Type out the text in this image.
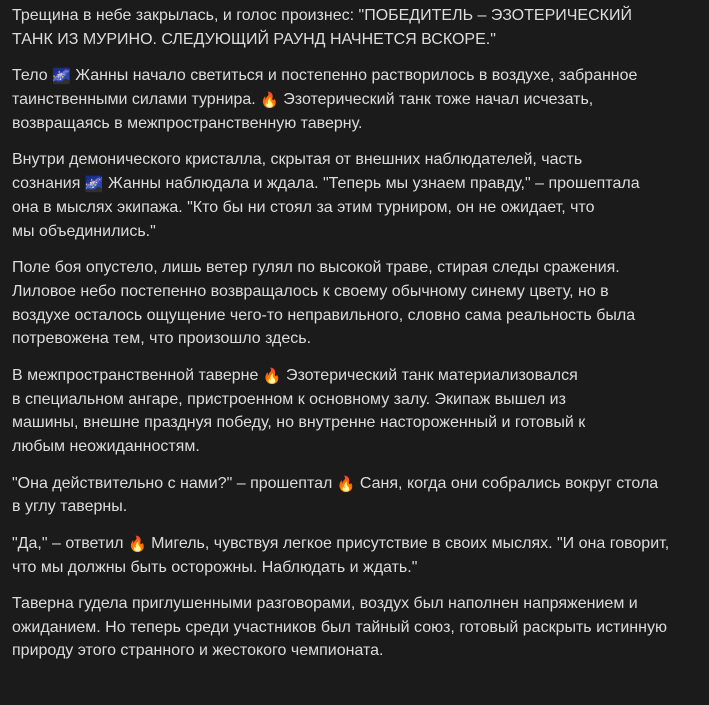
Трещина в небе закрылась, и голос произнес: "ПОБЕДИТЕЛЬ – ЭЗОТЕРИЧЕСКИЙ
ТАНК ИЗ МУРИНО. СЛЕДУЮЩИЙ РАУНД НАЧНЕТСЯ ВСКОРЕ."

Тело 🌌 Жанны начало светиться и постепенно растворилось в воздухе, забранное
таинственными силами турнира. 🔥 Эзотерический танк тоже начал исчезать,
возвращаясь в межпространственную таверну.

Внутри демонического кристалла, скрытая от внешних наблюдателей, часть
сознания 🌌 Жанны наблюдала и ждала. "Теперь мы узнаем правду," – прошептала
она в мыслях экипажа. "Кто бы ни стоял за этим турниром, он не ожидает, что
мы объединились."

Поле боя опустело, лишь ветер гулял по высокой траве, стирая следы сражения.
Лиловое небо постепенно возвращалось к своему обычному синему цвету, но в
воздухе осталось ощущение чего-то неправильного, словно сама реальность была
потревожена тем, что произошло здесь.

В межпространственной таверне 🔥 Эзотерический танк материализовался
в специальном ангаре, пристроенном к основному залу. Экипаж вышел из
машины, внешне празднуя победу, но внутренне настороженный и готовый к
любым неожиданностям.

"Она действительно с нами?" – прошептал 🔥 Саня, когда они собрались вокруг стола
в углу таверны.

"Да," – ответил 🔥 Мигель, чувствуя легкое присутствие в своих мыслях. "И она говорит,
что мы должны быть осторожны. Наблюдать и ждать."

Таверна гудела приглушенными разговорами, воздух был наполнен напряжением и
ожиданием. Но теперь среди участников был тайный союз, готовый раскрыть истинную
природу этого странного и жестокого чемпионата.
